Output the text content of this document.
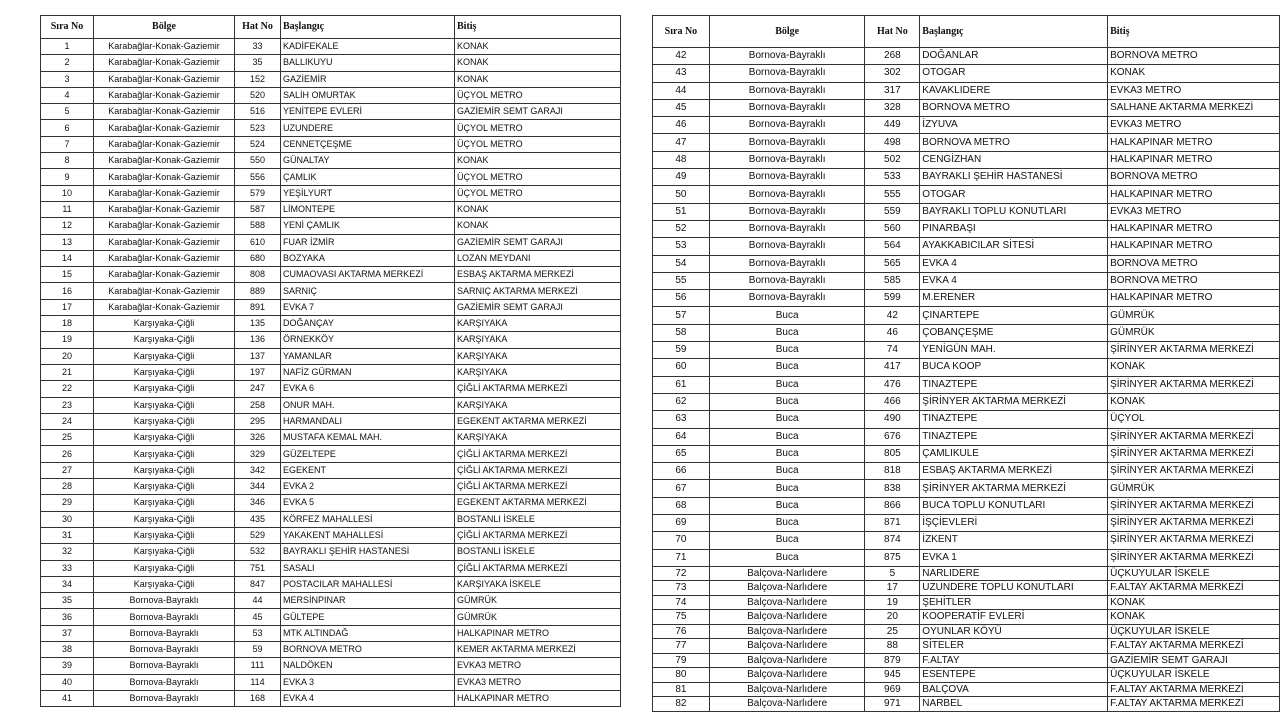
Sıra No	Bölge	Hat No	Başlangıç	Bitiş
1	Karabağlar-Konak-Gaziemir	33	KADİFEKALE	KONAK
2	Karabağlar-Konak-Gaziemir	35	BALLIKUYU	KONAK
3	Karabağlar-Konak-Gaziemir	152	GAZİEMİR	KONAK
4	Karabağlar-Konak-Gaziemir	520	SALİH OMURTAK	ÜÇYOL METRO
5	Karabağlar-Konak-Gaziemir	516	YENİTEPE EVLERİ	GAZİEMİR SEMT GARAJI
6	Karabağlar-Konak-Gaziemir	523	UZUNDERE	ÜÇYOL METRO
7	Karabağlar-Konak-Gaziemir	524	CENNETÇEŞME	ÜÇYOL METRO
8	Karabağlar-Konak-Gaziemir	550	GÜNALTAY	KONAK
9	Karabağlar-Konak-Gaziemir	556	ÇAMLIK	ÜÇYOL METRO
10	Karabağlar-Konak-Gaziemir	579	YEŞİLYURT	ÜÇYOL METRO
11	Karabağlar-Konak-Gaziemir	587	LİMONTEPE	KONAK
12	Karabağlar-Konak-Gaziemir	588	YENİ ÇAMLIK	KONAK
13	Karabağlar-Konak-Gaziemir	610	FUAR İZMİR	GAZİEMİR SEMT GARAJI
14	Karabağlar-Konak-Gaziemir	680	BOZYAKA	LOZAN MEYDANI
15	Karabağlar-Konak-Gaziemir	808	CUMAOVASI AKTARMA MERKEZİ	ESBAŞ AKTARMA MERKEZİ
16	Karabağlar-Konak-Gaziemir	889	SARNIÇ	SARNIÇ AKTARMA MERKEZİ
17	Karabağlar-Konak-Gaziemir	891	EVKA 7	GAZİEMİR SEMT GARAJI
18	Karşıyaka-Çiğli	135	DOĞANÇAY	KARŞIYAKA
19	Karşıyaka-Çiğli	136	ÖRNEKKÖY	KARŞIYAKA
20	Karşıyaka-Çiğli	137	YAMANLAR	KARŞIYAKA
21	Karşıyaka-Çiğli	197	NAFİZ GÜRMAN	KARŞIYAKA
22	Karşıyaka-Çiğli	247	EVKA 6	ÇİĞLİ AKTARMA MERKEZİ
23	Karşıyaka-Çiğli	258	ONUR MAH.	KARŞIYAKA
24	Karşıyaka-Çiğli	295	HARMANDALI	EGEKENT AKTARMA MERKEZİ
25	Karşıyaka-Çiğli	326	MUSTAFA KEMAL MAH.	KARŞIYAKA
26	Karşıyaka-Çiğli	329	GÜZELTEPE	ÇİĞLİ AKTARMA MERKEZİ
27	Karşıyaka-Çiğli	342	EGEKENT	ÇİĞLİ AKTARMA MERKEZİ
28	Karşıyaka-Çiğli	344	EVKA 2	ÇİĞLİ AKTARMA MERKEZİ
29	Karşıyaka-Çiğli	346	EVKA 5	EGEKENT AKTARMA MERKEZİ
30	Karşıyaka-Çiğli	435	KÖRFEZ MAHALLESİ	BOSTANLI İSKELE
31	Karşıyaka-Çiğli	529	YAKAKENT MAHALLESİ	ÇİĞLİ AKTARMA MERKEZİ
32	Karşıyaka-Çiğli	532	BAYRAKLI ŞEHİR HASTANESİ	BOSTANLI İSKELE
33	Karşıyaka-Çiğli	751	SASALI	ÇİĞLİ AKTARMA MERKEZİ
34	Karşıyaka-Çiğli	847	POSTACILAR MAHALLESİ	KARŞIYAKA İSKELE
35	Bornova-Bayraklı	44	MERSİNPINAR	GÜMRÜK
36	Bornova-Bayraklı	45	GÜLTEPE	GÜMRÜK
37	Bornova-Bayraklı	53	MTK ALTINDAĞ	HALKAPINAR METRO
38	Bornova-Bayraklı	59	BORNOVA METRO	KEMER AKTARMA MERKEZİ
39	Bornova-Bayraklı	111	NALDÖKEN	EVKA3 METRO
40	Bornova-Bayraklı	114	EVKA 3	EVKA3 METRO
41	Bornova-Bayraklı	168	EVKA 4	HALKAPINAR METRO
Sıra No	Bölge	Hat No	Başlangıç	Bitiş
42	Bornova-Bayraklı	268	DOĞANLAR	BORNOVA METRO
43	Bornova-Bayraklı	302	OTOGAR	KONAK
44	Bornova-Bayraklı	317	KAVAKLIDERE	EVKA3 METRO
45	Bornova-Bayraklı	328	BORNOVA METRO	SALHANE AKTARMA MERKEZİ
46	Bornova-Bayraklı	449	İZYUVA	EVKA3 METRO
47	Bornova-Bayraklı	498	BORNOVA METRO	HALKAPINAR METRO
48	Bornova-Bayraklı	502	CENGİZHAN	HALKAPINAR METRO
49	Bornova-Bayraklı	533	BAYRAKLI ŞEHİR HASTANESİ	BORNOVA METRO
50	Bornova-Bayraklı	555	OTOGAR	HALKAPINAR METRO
51	Bornova-Bayraklı	559	BAYRAKLI TOPLU KONUTLARI	EVKA3 METRO
52	Bornova-Bayraklı	560	PINARBAŞI	HALKAPINAR METRO
53	Bornova-Bayraklı	564	AYAKKABICILAR SİTESİ	HALKAPINAR METRO
54	Bornova-Bayraklı	565	EVKA 4	BORNOVA METRO
55	Bornova-Bayraklı	585	EVKA 4	BORNOVA METRO
56	Bornova-Bayraklı	599	M.ERENER	HALKAPINAR METRO
57	Buca	42	ÇINARTEPE	GÜMRÜK
58	Buca	46	ÇOBANÇEŞME	GÜMRÜK
59	Buca	74	YENİGÜN MAH.	ŞİRİNYER AKTARMA MERKEZİ
60	Buca	417	BUCA KOOP	KONAK
61	Buca	476	TINAZTEPE	ŞİRİNYER AKTARMA MERKEZİ
62	Buca	466	ŞİRİNYER AKTARMA MERKEZİ	KONAK
63	Buca	490	TINAZTEPE	ÜÇYOL
64	Buca	676	TINAZTEPE	ŞİRİNYER AKTARMA MERKEZİ
65	Buca	805	ÇAMLIKULE	ŞİRİNYER AKTARMA MERKEZİ
66	Buca	818	ESBAŞ AKTARMA MERKEZİ	ŞİRİNYER AKTARMA MERKEZİ
67	Buca	838	ŞİRİNYER AKTARMA MERKEZİ	GÜMRÜK
68	Buca	866	BUCA TOPLU KONUTLARI	ŞİRİNYER AKTARMA MERKEZİ
69	Buca	871	İŞÇİEVLERİ	ŞİRİNYER AKTARMA MERKEZİ
70	Buca	874	İZKENT	ŞİRİNYER AKTARMA MERKEZİ
71	Buca	875	EVKA 1	ŞİRİNYER AKTARMA MERKEZİ
72	Balçova-Narlıdere	5	NARLIDERE	ÜÇKUYULAR İSKELE
73	Balçova-Narlıdere	17	UZUNDERE TOPLU KONUTLARI	F.ALTAY AKTARMA MERKEZİ
74	Balçova-Narlıdere	19	ŞEHİTLER	KONAK
75	Balçova-Narlıdere	20	KOOPERATİF EVLERİ	KONAK
76	Balçova-Narlıdere	25	OYUNLAR KÖYÜ	ÜÇKUYULAR İSKELE
77	Balçova-Narlıdere	88	SİTELER	F.ALTAY AKTARMA MERKEZİ
79	Balçova-Narlıdere	879	F.ALTAY	GAZİEMİR SEMT GARAJI
80	Balçova-Narlıdere	945	ESENTEPE	ÜÇKUYULAR İSKELE
81	Balçova-Narlıdere	969	BALÇOVA	F.ALTAY AKTARMA MERKEZİ
82	Balçova-Narlıdere	971	NARBEL	F.ALTAY AKTARMA MERKEZİ
